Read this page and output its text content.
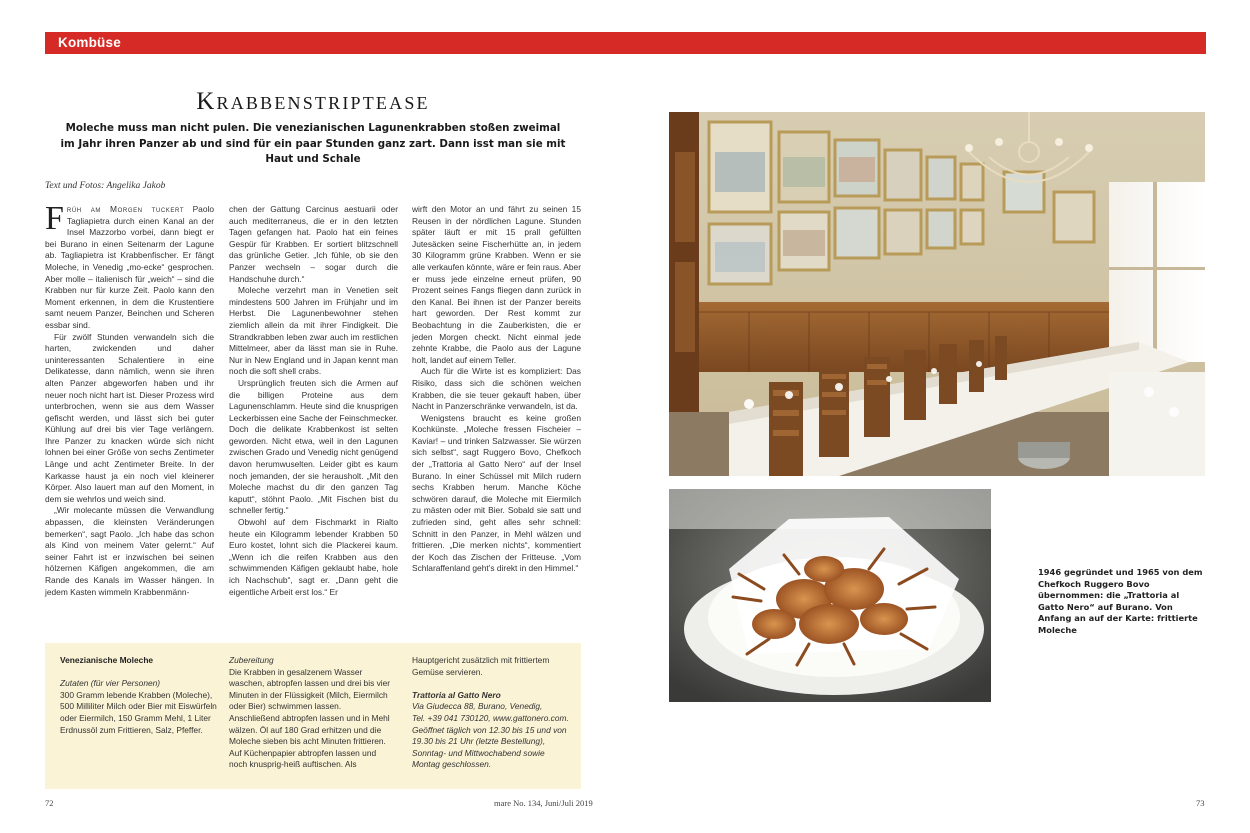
Kombüse
Krabbenstriptease
Moleche muss man nicht pulen. Die venezianischen Lagunenkrabben stoßen zweimal im Jahr ihren Panzer ab und sind für ein paar Stunden ganz zart. Dann isst man sie mit Haut und Schale
Text und Fotos: Angelika Jakob

Früh am Morgen tuckert Paolo Tagliapietra durch einen Kanal an der Insel Mazzorbo vorbei, dann biegt er bei Burano in einen Seitenarm der Lagune ab. Tagliapietra ist Krabbenfischer. Er fängt Moleche, in Venedig „mo-ecke“ gesprochen. Aber molle – italienisch für „weich“ – sind die Krabben nur für kurze Zeit. Paolo kann den Moment erkennen, in dem die Krustentiere samt neuem Panzer, Beinchen und Scheren essbar sind.

Für zwölf Stunden verwandeln sich die harten, zwickenden und daher uninteressanten Schalentiere in eine Delikatesse, dann nämlich, wenn sie ihren alten Panzer abgeworfen haben und ihr neuer noch nicht hart ist. Dieser Prozess wird unterbrochen, wenn sie aus dem Wasser gefischt werden, und lässt sich bei guter Kühlung auf drei bis vier Tage verlängern. Ihre Panzer zu knacken würde sich nicht lohnen bei einer Größe von sechs Zentimeter Länge und acht Zentimeter Breite. In der Karkasse haust ja ein noch viel kleinerer Körper. Also lauert man auf den Moment, in dem sie wehrlos und weich sind.

„Wir molecante müssen die Verwandlung abpassen, die kleinsten Veränderungen bemerken“, sagt Paolo. „Ich habe das schon als Kind von meinem Vater gelernt.“ Auf seiner Fahrt ist er inzwischen bei seinen hölzernen Käfigen angekommen, die am Rande des Kanals im Wasser hängen. In jedem Kasten wimmeln Krabbenmänn-

chen der Gattung Carcinus aestuarii oder auch mediterraneus, die er in den letzten Tagen gefangen hat. Paolo hat ein feines Gespür für Krabben. Er sortiert blitzschnell das grünliche Getier. „Ich fühle, ob sie den Panzer wechseln – sogar durch die Handschuhe durch.“

Moleche verzehrt man in Venetien seit mindestens 500 Jahren im Frühjahr und im Herbst. Die Lagunenbewohner stehen ziemlich allein da mit ihrer Findigkeit. Die Strandkrabben leben zwar auch im restlichen Mittelmeer, aber da lässt man sie in Ruhe. Nur in New England und in Japan kennt man noch die soft shell crabs.

Ursprünglich freuten sich die Armen auf die billigen Proteine aus dem Lagunenschlamm. Heute sind die knusprigen Leckerbissen eine Sache der Feinschmecker. Doch die delikate Krabbenkost ist selten geworden. Nicht etwa, weil in den Lagunen zwischen Grado und Venedig nicht genügend davon herumwuselten. Leider gibt es kaum noch jemanden, der sie herausholt. „Mit den Moleche machst du dir den ganzen Tag kaputt“, stöhnt Paolo. „Mit Fischen bist du schneller fertig.“

Obwohl auf dem Fischmarkt in Rialto heute ein Kilogramm lebender Krabben 50 Euro kostet, lohnt sich die Plackerei kaum. „Wenn ich die reifen Krabben aus den schwimmenden Käfigen geklaubt habe, hole ich Nachschub“, sagt er. „Dann geht die eigentliche Arbeit erst los.“ Er

wirft den Motor an und fährt zu seinen 15 Reusen in der nördlichen Lagune. Stunden später läuft er mit 15 prall gefüllten Jutesäcken seine Fischerhütte an, in jedem 30 Kilogramm grüne Krabben. Wenn er sie alle verkaufen könnte, wäre er fein raus. Aber er muss jede einzelne erneut prüfen, 90 Prozent seines Fangs fliegen dann zurück in den Kanal. Bei ihnen ist der Panzer bereits hart geworden. Der Rest kommt zur Beobachtung in die Zauberkisten, die er jeden Morgen checkt. Nicht einmal jede zehnte Krabbe, die Paolo aus der Lagune holt, landet auf einem Teller.

Auch für die Wirte ist es kompliziert: Das Risiko, dass sich die schönen weichen Krabben, die sie teuer gekauft haben, über Nacht in Panzerschränke verwandeln, ist da.

Wenigstens braucht es keine großen Kochkünste. „Moleche fressen Fischeier – Kaviar! – und trinken Salzwasser. Sie würzen sich selbst“, sagt Ruggero Bovo, Chefkoch der „Trattoria al Gatto Nero“ auf der Insel Burano. In einer Schüssel mit Milch rudern sechs Krabben herum. Manche Köche schwören darauf, die Moleche mit Eiermilch zu mästen oder mit Bier. Sobald sie satt und zufrieden sind, geht alles sehr schnell: Schnitt in den Panzer, in Mehl wälzen und frittieren. „Die merken nichts“, kommentiert der Koch das Zischen der Fritteuse. „Vom Schlaraffenland geht’s direkt in den Himmel.“

Venezianische Moleche
Zutaten (für vier Personen)
300 Gramm lebende Krabben (Moleche), 500 Milliliter Milch oder Bier mit Eiswürfeln oder Eiermilch, 150 Gramm Mehl, 1 Liter Erdnussöl zum Frittieren, Salz, Pfeffer.
Zubereitung
Die Krabben in gesalzenem Wasser waschen, abtropfen lassen und drei bis vier Minuten in der Flüssigkeit (Milch, Eiermilch oder Bier) schwimmen lassen. Anschließend abtropfen lassen und in Mehl wälzen. Öl auf 180 Grad erhitzen und die Moleche sieben bis acht Minuten frittieren. Auf Küchenpapier abtropfen lassen und noch knusprig-heiß auftischen. Als
Hauptgericht zusätzlich mit frittiertem Gemüse servieren.
Trattoria al Gatto Nero
Via Giudecca 88, Burano, Venedig,
Tel. +39 041 730120, www.gattonero.com.
Geöffnet täglich von 12.30 bis 15 und von 19.30 bis 21 Uhr (letzte Bestellung), Sonntag- und Mittwochabend sowie Montag geschlossen.
1946 gegründet und 1965 von dem Chefkoch Ruggero Bovo übernommen: die „Trattoria al Gatto Nero“ auf Burano. Von Anfang an auf der Karte: frittierte Moleche
72	mare No. 134, Juni/Juli 2019	73
